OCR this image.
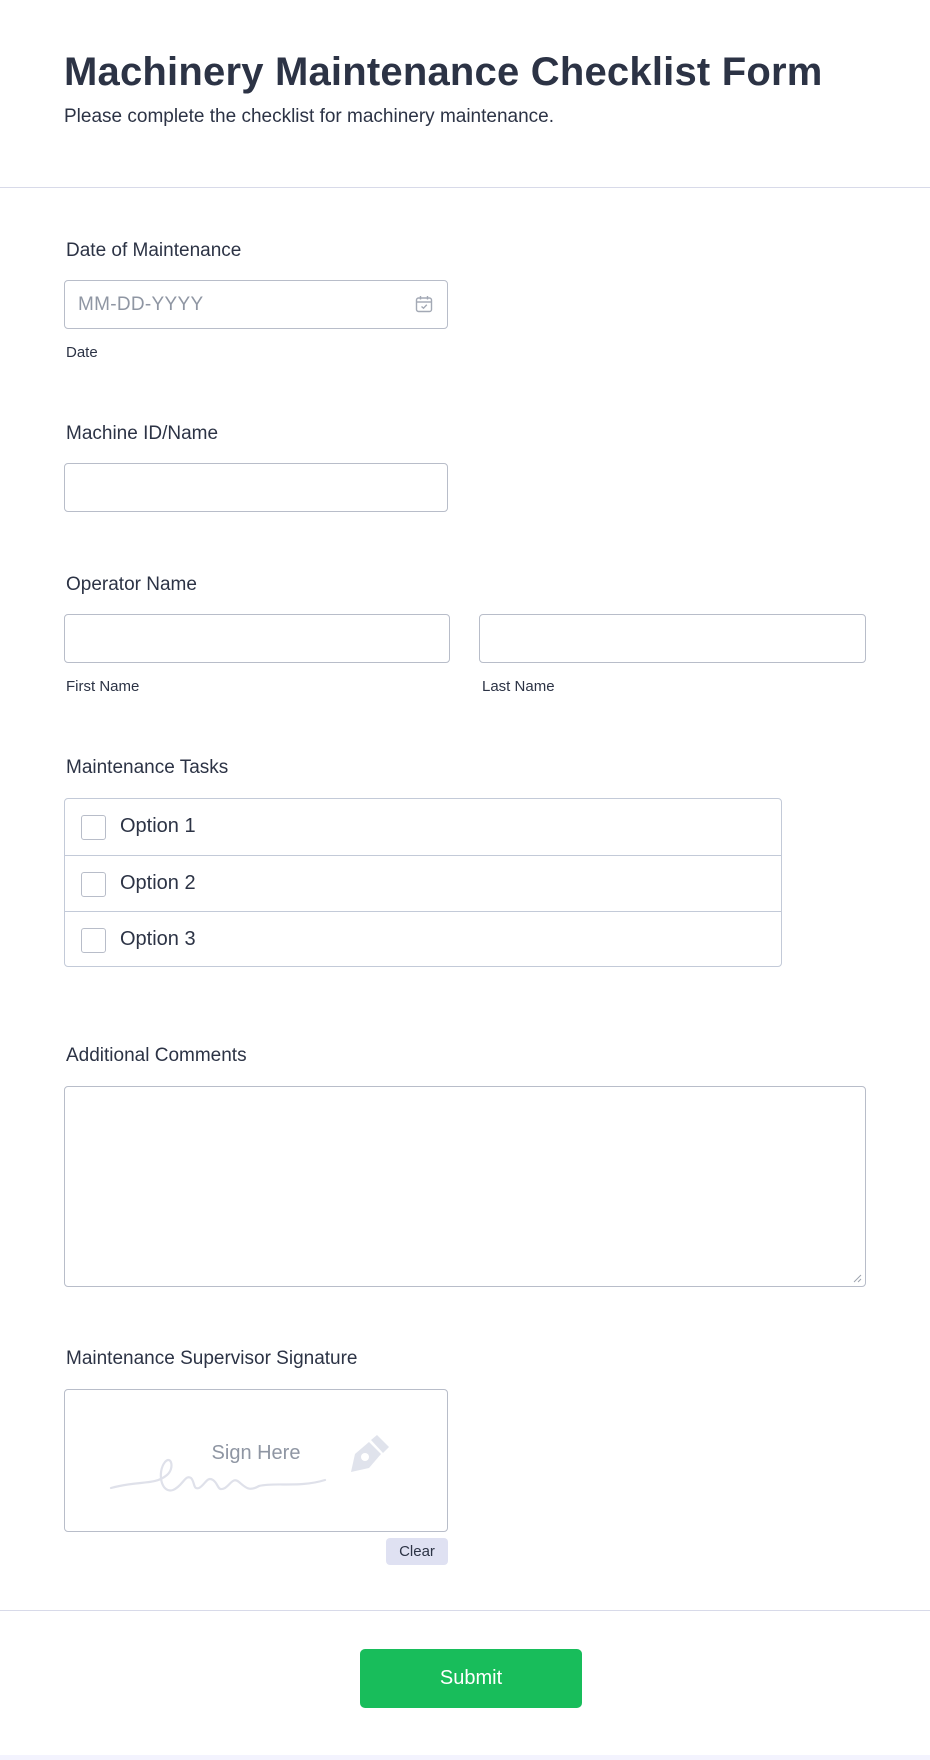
Machinery Maintenance Checklist Form

Please complete the checklist for machinery maintenance.

Date of Maintenance
MM-DD-YYYY
Date
Machine ID/Name
Operator Name
First Name	Last Name
Maintenance Tasks
Option 1
Option 2
Option 3
Additional Comments
Maintenance Supervisor Signature
Sign Here
Clear
Submit
